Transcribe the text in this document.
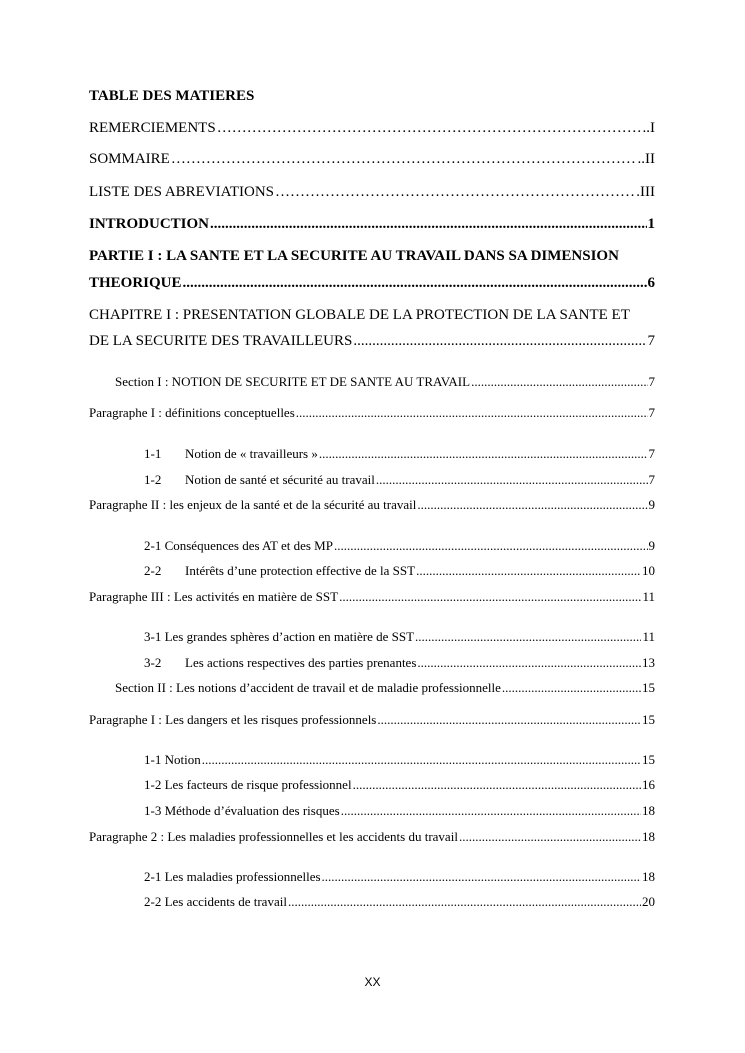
TABLE DES MATIERES
REMERCIEMENTS ……………………………………………………………………………………………………………………………………………………………………………………………………………………	..I
SOMMAIRE ……………………………………………………………………………………………………………………………………………………………………………………………………………………	..II
LISTE DES ABREVIATIONS ……………………………………………………………………………………………………………………………………………………………………………………………………………………	.III
INTRODUCTION .....	1
PARTIE I : LA SANTE ET LA SECURITE AU TRAVAIL DANS SA DIMENSION
THEORIQUE .....	6
CHAPITRE I : PRESENTATION GLOBALE DE LA PROTECTION DE LA SANTE ET
DE LA SECURITE DES TRAVAILLEURS .....	7
Section I : NOTION DE SECURITE ET DE SANTE AU TRAVAIL .....	7
Paragraphe I : définitions conceptuelles .....	7
1-1	Notion de « travailleurs » .....	7
1-2	Notion de santé et sécurité au travail .....	7
Paragraphe II : les enjeux de la santé et de la sécurité au travail .....	9
2-1 Conséquences des AT et des MP .....	9
2-2	Intérêts d’une protection effective de la SST .....	10
Paragraphe III : Les activités en matière de SST .....	11
3-1 Les grandes sphères d’action en matière de SST .....	11
3-2	Les actions respectives des parties prenantes .....	13
Section II : Les notions d’accident de travail et de maladie professionnelle .....	15
Paragraphe I : Les dangers et les risques professionnels .....	15
1-1 Notion .....	15
1-2 Les facteurs de risque professionnel .....	16
1-3 Méthode d’évaluation des risques .....	18
Paragraphe 2 : Les maladies professionnelles et les accidents du travail .....	18
2-1 Les maladies professionnelles .....	18
2-2 Les accidents de travail .....	20
XX
